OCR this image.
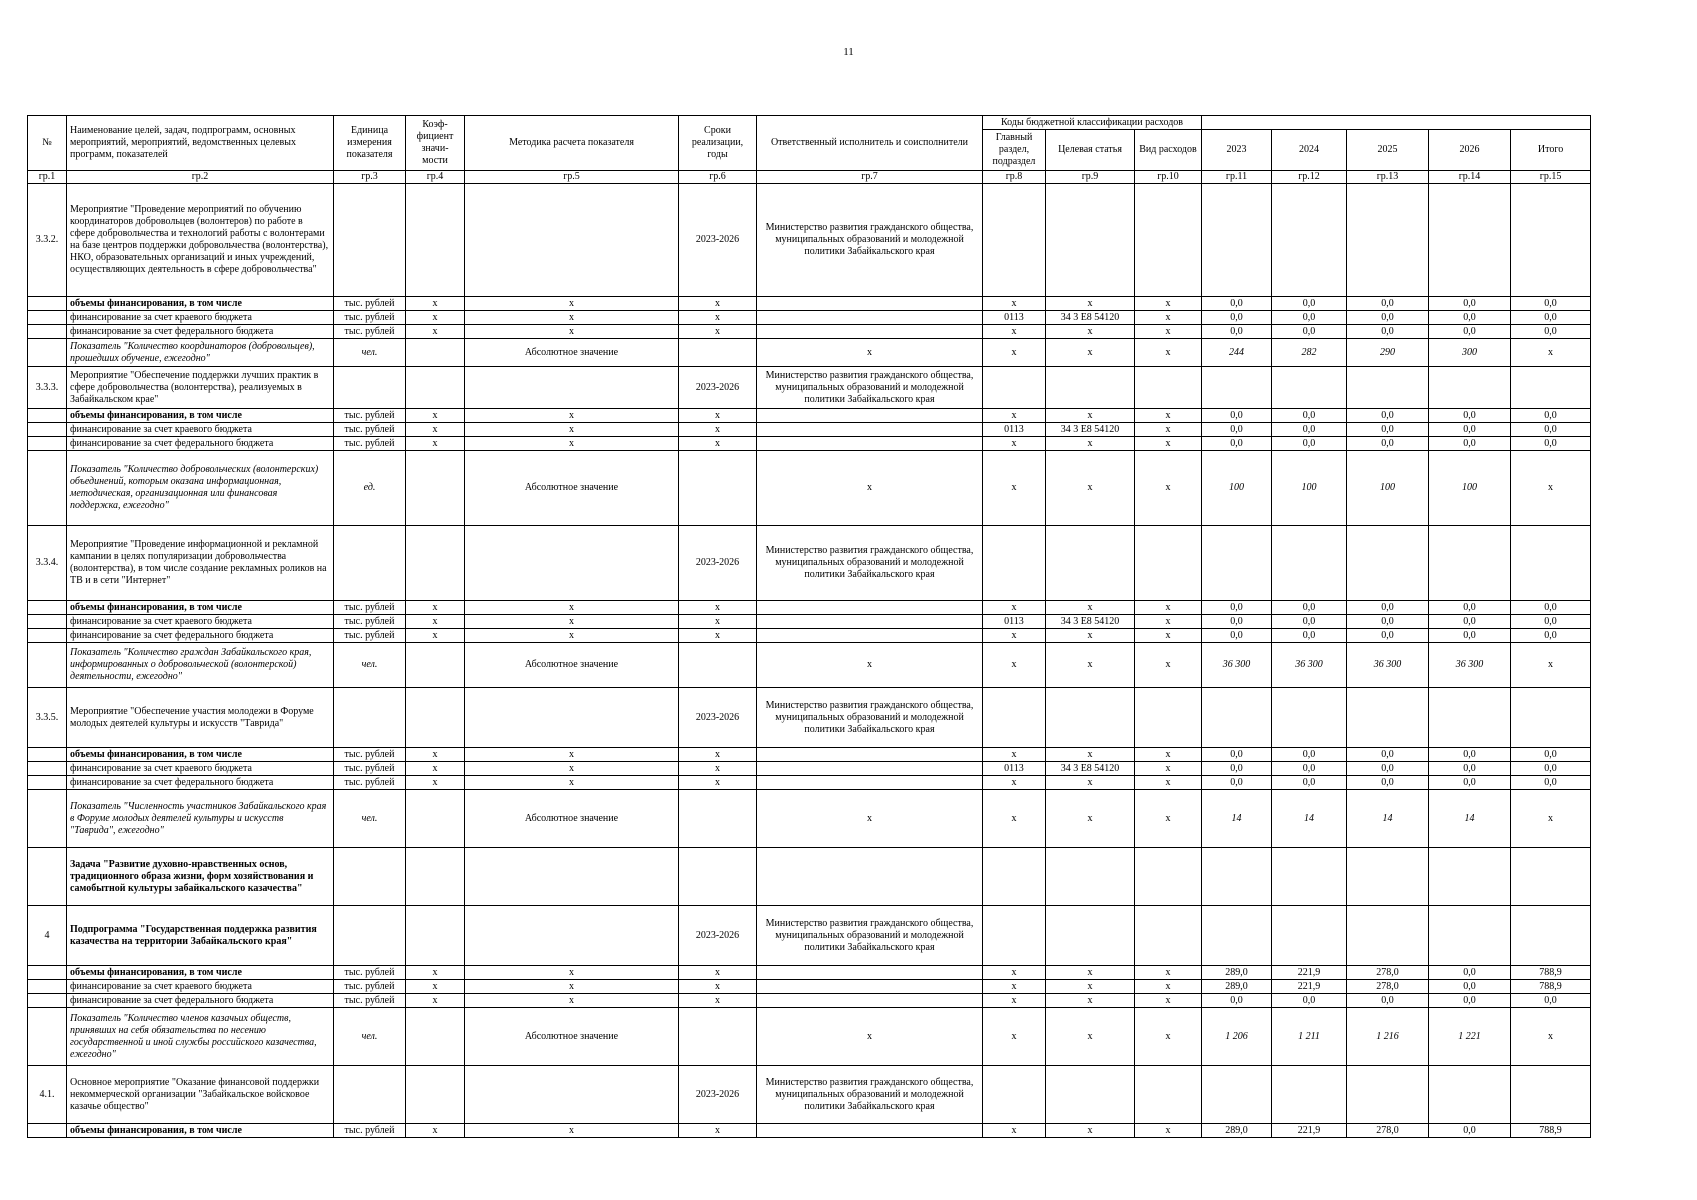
11
№	Наименование целей, задач, подпрограмм, основных мероприятий, мероприятий, ведомственных целевых программ, показателей	Единица измерения показателя	Коэф-фициент значи-мости	Методика расчета показателя	Сроки реализации, годы	Ответственный исполнитель и соисполнители	Коды бюджетной классификации расходов							
							Главный раздел, подраздел	Целевая статья	Вид расходов	2023	2024	2025	2026	Итого
гр.1	гр.2	гр.3	гр.4	гр.5	гр.6	гр.7	гр.8	гр.9	гр.10	гр.11	гр.12	гр.13	гр.14	гр.15
3.3.2.	Мероприятие "Проведение мероприятий по обучению координаторов добровольцев (волонтеров) по работе в сфере добровольчества и технологий работы с волонтерами на базе центров поддержки добровольчества (волонтерства), НКО, образовательных организаций и иных учреждений, осуществляющих деятельность в сфере добровольчества"				2023-2026	Министерство развития гражданского общества, муниципальных образований и молодежной политики Забайкальского края								
	объемы финансирования, в том числе	тыс. рублей	x	x	x		x	x	x	0,0	0,0	0,0	0,0	0,0
	финансирование за счет краевого бюджета	тыс. рублей	x	x	x		0113	34 3 E8 54120	x	0,0	0,0	0,0	0,0	0,0
	финансирование за счет федерального бюджета	тыс. рублей	x	x	x		x	x	x	0,0	0,0	0,0	0,0	0,0
	Показатель "Количество координаторов (добровольцев), прошедших обучение, ежегодно"	чел.		Абсолютное значение		x	x	x	x	244	282	290	300	x
3.3.3.	Мероприятие "Обеспечение поддержки лучших практик в сфере добровольчества (волонтерства), реализуемых в Забайкальском крае"				2023-2026	Министерство развития гражданского общества, муниципальных образований и молодежной политики Забайкальского края								
	объемы финансирования, в том числе	тыс. рублей	x	x	x		x	x	x	0,0	0,0	0,0	0,0	0,0
	финансирование за счет краевого бюджета	тыс. рублей	x	x	x		0113	34 3 E8 54120	x	0,0	0,0	0,0	0,0	0,0
	финансирование за счет федерального бюджета	тыс. рублей	x	x	x		x	x	x	0,0	0,0	0,0	0,0	0,0
	Показатель "Количество добровольческих (волонтерских) объединений, которым оказана информационная, методическая, организационная или финансовая поддержка, ежегодно"	ед.		Абсолютное значение		x	x	x	x	100	100	100	100	x
3.3.4.	Мероприятие "Проведение информационной и рекламной кампании в целях популяризации добровольчества (волонтерства), в том числе создание рекламных роликов на ТВ и в сети "Интернет"				2023-2026	Министерство развития гражданского общества, муниципальных образований и молодежной политики Забайкальского края								
	объемы финансирования, в том числе	тыс. рублей	x	x	x		x	x	x	0,0	0,0	0,0	0,0	0,0
	финансирование за счет краевого бюджета	тыс. рублей	x	x	x		0113	34 3 E8 54120	x	0,0	0,0	0,0	0,0	0,0
	финансирование за счет федерального бюджета	тыс. рублей	x	x	x		x	x	x	0,0	0,0	0,0	0,0	0,0
	Показатель "Количество граждан Забайкальского края, информированных о добровольческой (волонтерской) деятельности, ежегодно"	чел.		Абсолютное значение		x	x	x	x	36 300	36 300	36 300	36 300	x
3.3.5.	Мероприятие "Обеспечение участия молодежи в Форуме молодых деятелей культуры и искусств "Таврида"				2023-2026	Министерство развития гражданского общества, муниципальных образований и молодежной политики Забайкальского края								
	объемы финансирования, в том числе	тыс. рублей	x	x	x		x	x	x	0,0	0,0	0,0	0,0	0,0
	финансирование за счет краевого бюджета	тыс. рублей	x	x	x		0113	34 3 E8 54120	x	0,0	0,0	0,0	0,0	0,0
	финансирование за счет федерального бюджета	тыс. рублей	x	x	x		x	x	x	0,0	0,0	0,0	0,0	0,0
	Показатель "Численность участников Забайкальского края в Форуме молодых деятелей культуры и искусств "Таврида", ежегодно"	чел.		Абсолютное значение		x	x	x	x	14	14	14	14	x
	Задача "Развитие духовно-нравственных основ, традиционного образа жизни, форм хозяйствования и самобытной культуры забайкальского казачества"													
4	Подпрограмма "Государственная поддержка развития казачества на территории Забайкальского края"				2023-2026	Министерство развития гражданского общества, муниципальных образований и молодежной политики Забайкальского края								
	объемы финансирования, в том числе	тыс. рублей	x	x	x		x	x	x	289,0	221,9	278,0	0,0	788,9
	финансирование за счет краевого бюджета	тыс. рублей	x	x	x		x	x	x	289,0	221,9	278,0	0,0	788,9
	финансирование за счет федерального бюджета	тыс. рублей	x	x	x		x	x	x	0,0	0,0	0,0	0,0	0,0
	Показатель "Количество членов казачьих обществ, принявших на себя обязательства по несению государственной и иной службы российского казачества, ежегодно"	чел.		Абсолютное значение		x	x	x	x	1 206	1 211	1 216	1 221	x
4.1.	Основное мероприятие "Оказание финансовой поддержки некоммерческой организации "Забайкальское войсковое казачье общество"				2023-2026	Министерство развития гражданского общества, муниципальных образований и молодежной политики Забайкальского края								
	объемы финансирования, в том числе	тыс. рублей	x	x	x		x	x	x	289,0	221,9	278,0	0,0	788,9
